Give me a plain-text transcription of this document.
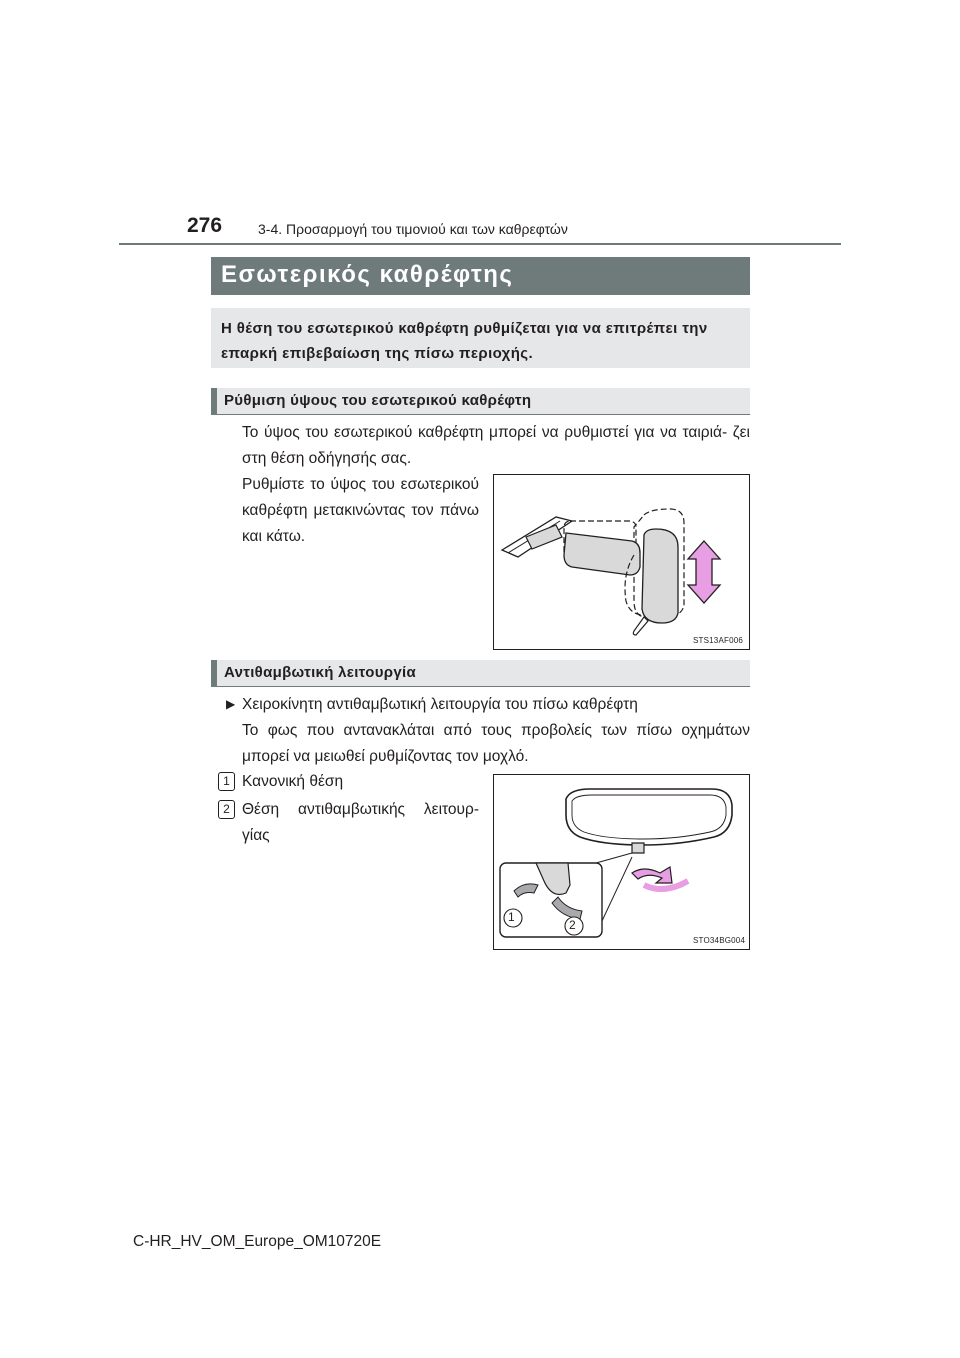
276	3-4. Προσαρμογή του τιμονιού και των καθρεφτών
Εσωτερικός καθρέφτης
Η θέση του εσωτερικού καθρέφτη ρυθμίζεται για να επιτρέπει την επαρκή επιβεβαίωση της πίσω περιοχής.
Ρύθμιση ύψους του εσωτερικού καθρέφτη
Το ύψος του εσωτερικού καθρέφτη μπορεί να ρυθμιστεί για να ταιριά- ζει στη θέση οδήγησής σας.
Ρυθμίστε το ύψος του εσωτερικού καθρέφτη μετακινώντας τον πάνω και κάτω.
STS13AF006
Αντιθαμβωτική λειτουργία
▶ Χειροκίνητη αντιθαμβωτική λειτουργία του πίσω καθρέφτη
Το φως που αντανακλάται από τους προβολείς των πίσω οχημάτων μπορεί να μειωθεί ρυθμίζοντας τον μοχλό.
1 Κανονική θέση
2 Θέση αντιθαμβωτικής λειτουρ- γίας
1
2
STO34BG004
C-HR_HV_OM_Europe_OM10720E
